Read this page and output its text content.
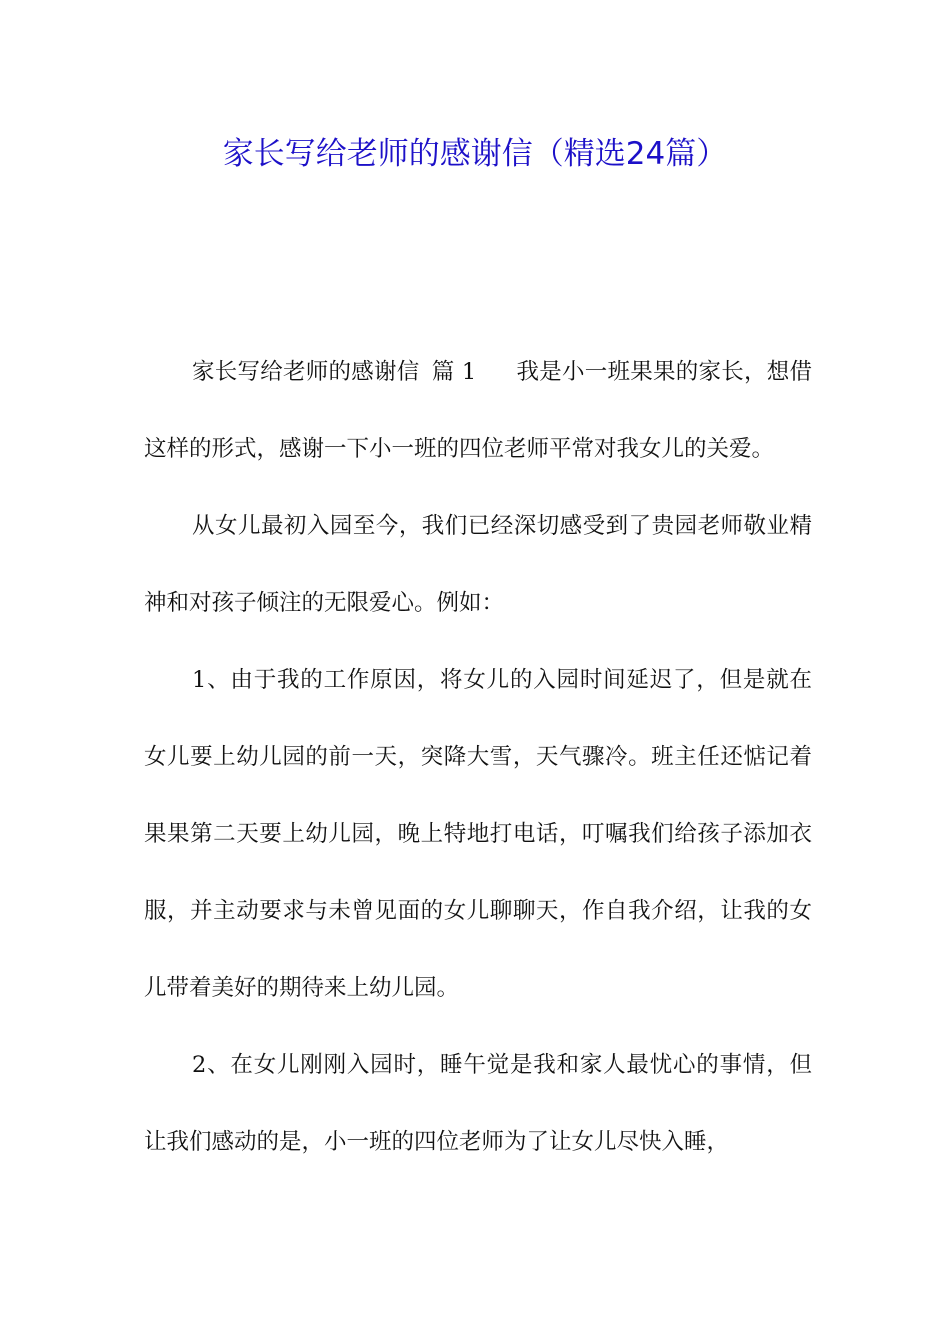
家长写给老师的感谢信（精选24篇）

家长写给老师的感谢信 篇 1 我是小一班果果的家长，想借这样的形式，感谢一下小一班的四位老师平常对我女儿的关爱。

从女儿最初入园至今，我们已经深切感受到了贵园老师敬业精神和对孩子倾注的无限爱心。例如：

1、由于我的工作原因，将女儿的入园时间延迟了，但是就在女儿要上幼儿园的前一天，突降大雪，天气骤冷。班主任还惦记着果果第二天要上幼儿园，晚上特地打电话，叮嘱我们给孩子添加衣服，并主动要求与未曾见面的女儿聊聊天，作自我介绍，让我的女儿带着美好的期待来上幼儿园。

2、在女儿刚刚入园时，睡午觉是我和家人最忧心的事情，但让我们感动的是，小一班的四位老师为了让女儿尽快入睡，
